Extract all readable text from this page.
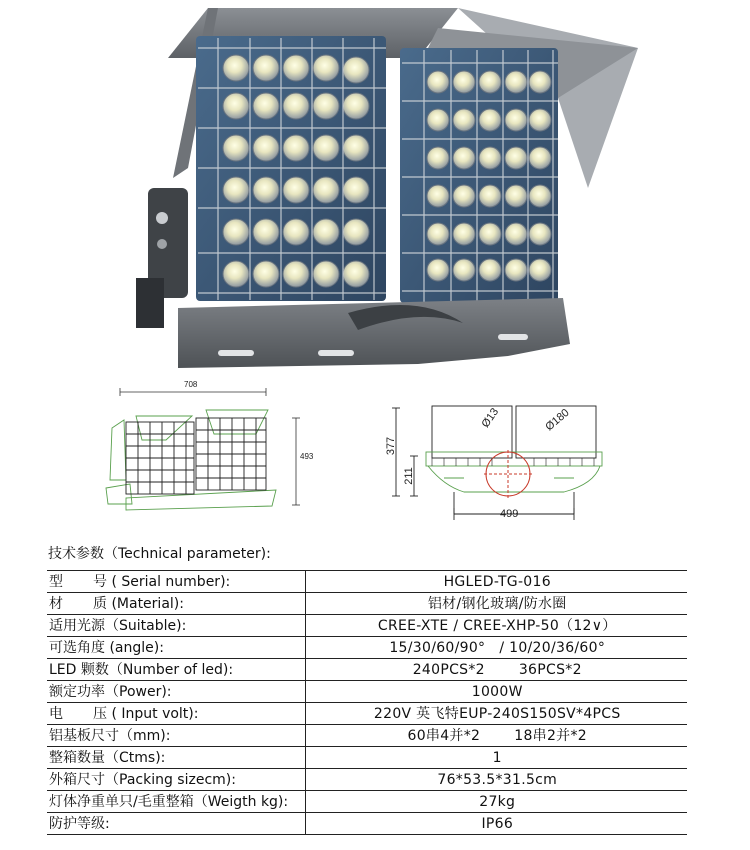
708
493
377
211
499
Ø13	Ø180
技术参数（Technical parameter):
型 号 ( Serial number):	HGLED-TG-016
材 质 (Material):	铝材/钢化玻璃/防水圈
适用光源（Suitable):	CREE-XTE / CREE-XHP-50（12∨）
可选角度 (angle):	15/30/60/90° / 10/20/36/60°
LED 颗数（Number of led):	240PCS*2 36PCS*2
额定功率（Power):	1000W
电 压 ( Input volt):	220V 英飞特EUP-240S150SV*4PCS
铝基板尺寸（mm):	60串4并*2 18串2并*2
整箱数量（Ctms):	1
外箱尺寸（Packing sizecm):	76*53.5*31.5cm
灯体净重单只/毛重整箱（Weigth kg):	27kg
防护等级:	IP66
